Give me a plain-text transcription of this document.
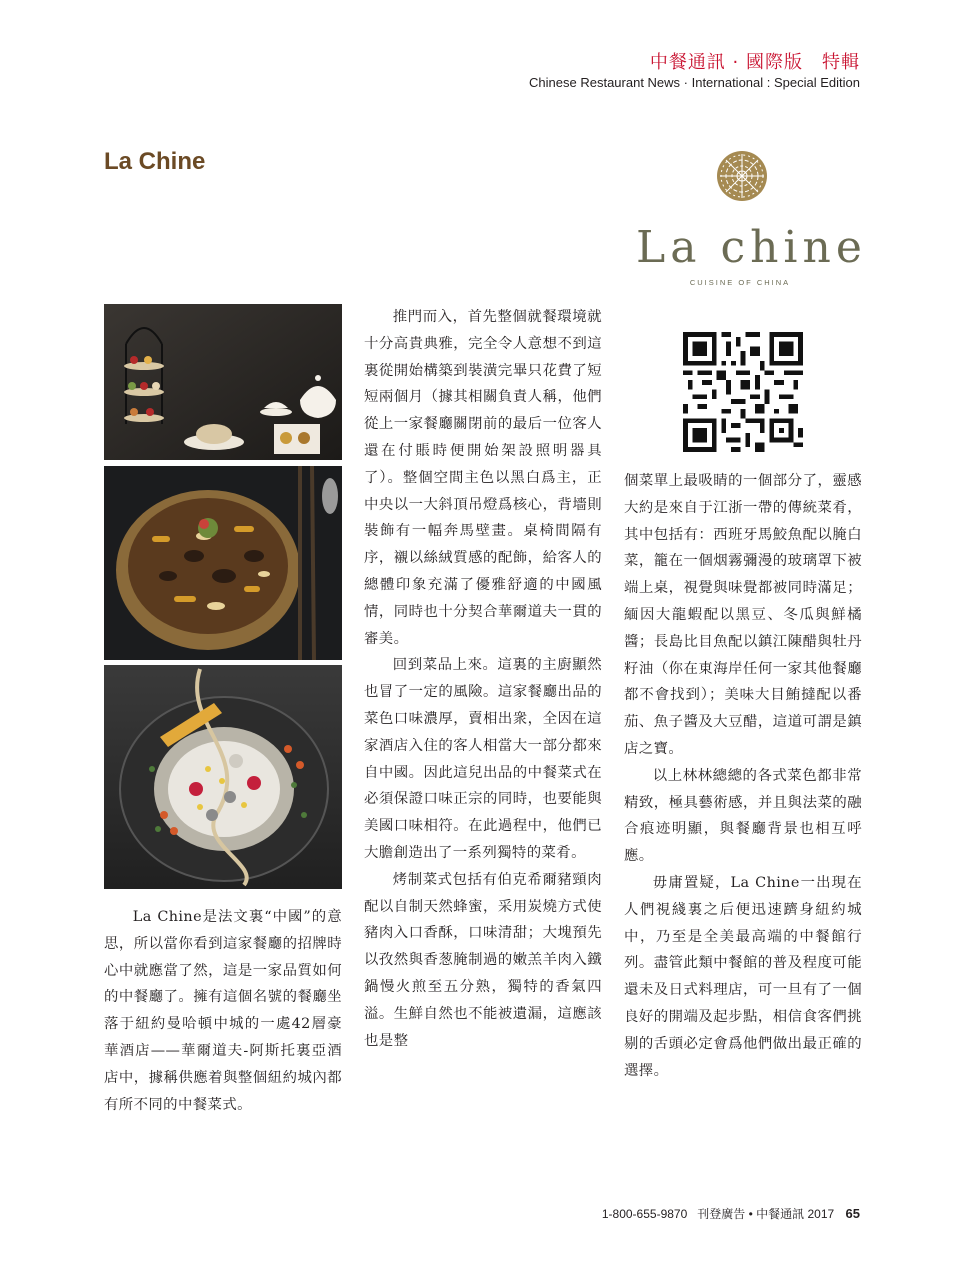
中餐通訊 · 國際版　特輯
Chinese Restaurant News · International : Special Edition
La Chine
La chine
CUISINE OF CHINA

La Chine是法文裏“中國”的意思，所以當你看到這家餐廳的招牌時心中就應當了然，這是一家品質如何的中餐廳了。擁有這個名號的餐廳坐落于紐約曼哈頓中城的一處42層豪華酒店——華爾道夫-阿斯托裏亞酒店中，據稱供應着與整個紐約城內都有所不同的中餐菜式。

推門而入，首先整個就餐環境就十分高貴典雅，完全令人意想不到這裏從開始構築到裝潢完畢只花費了短短兩個月（據其相關負責人稱，他們從上一家餐廳關閉前的最后一位客人還在付賬時便開始架設照明器具了）。整個空間主色以黑白爲主，正中央以一大斜頂吊燈爲核心，背墻則裝飾有一幅奔馬壁畫。桌椅間隔有序，襯以絲絨質感的配飾，給客人的總體印象充滿了優雅舒適的中國風情，同時也十分契合華爾道夫一貫的審美。

回到菜品上來。這裏的主廚顯然也冒了一定的風險。這家餐廳出品的菜色口味濃厚，賣相出衆，全因在這家酒店入住的客人相當大一部分都來自中國。因此這兒出品的中餐菜式在必須保證口味正宗的同時，也要能與美國口味相符。在此過程中，他們已大膽創造出了一系列獨特的菜肴。

烤制菜式包括有伯克希爾豬頸肉配以自制天然蜂蜜，采用炭燒方式使豬肉入口香酥，口味清甜；大塊預先以孜然與香葱腌制過的嫩羔羊肉入鐵鍋慢火煎至五分熟，獨特的香氣四溢。生鮮自然也不能被遺漏，這應該也是整

個菜單上最吸睛的一個部分了，靈感大約是來自于江浙一帶的傳統菜肴，其中包括有：西班牙馬鮫魚配以腌白菜，籠在一個烟霧彌漫的玻璃罩下被端上桌，視覺與味覺都被同時滿足；緬因大龍蝦配以黑豆、冬瓜與鮮橘醬；長島比目魚配以鎮江陳醋與牡丹籽油（你在東海岸任何一家其他餐廳都不會找到）；美味大目鮪撻配以番茄、魚子醬及大豆醋，這道可謂是鎮店之寶。

以上林林總總的各式菜色都非常精致，極具藝術感，并且與法菜的融合痕迹明顯，與餐廳背景也相互呼應。

毋庸置疑，La Chine一出現在人們視綫裏之后便迅速躋身紐約城中，乃至是全美最高端的中餐館行列。盡管此類中餐館的普及程度可能還未及日式料理店，可一旦有了一個良好的開端及起步點，相信食客們挑剔的舌頭必定會爲他們做出最正確的選擇。

1-800-655-9870 刊登廣告 • 中餐通訊 2017 65
